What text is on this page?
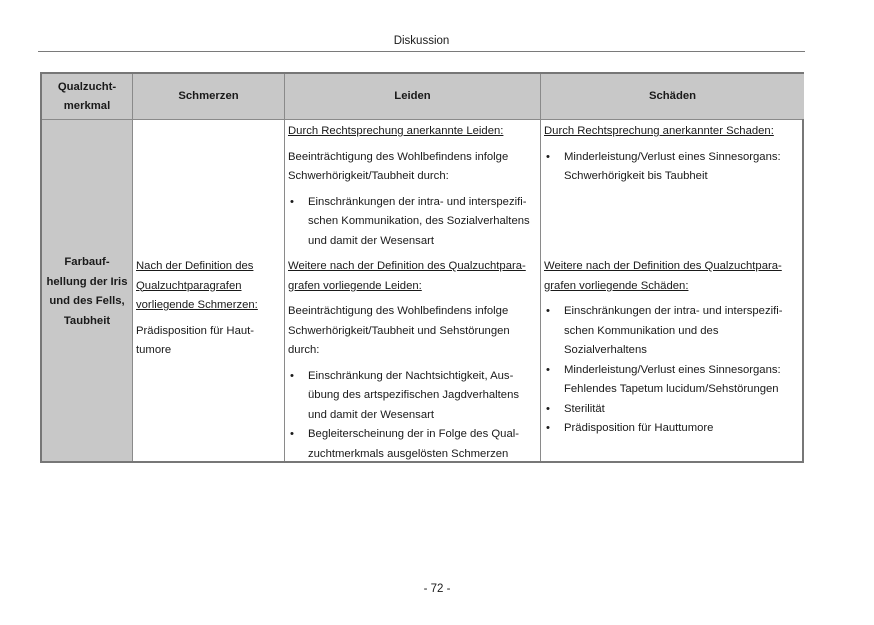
Diskussion
Qualzucht-
merkmal
Schmerzen	Leiden	Schäden
Farbauf-
hellung der Iris
und des Fells,
Taubheit
Nach der Definition des
Qualzuchtparagrafen
vorliegende Schmerzen:

Prädisposition für Haut-
tumore

Durch Rechtsprechung anerkannte Leiden:

Beeinträchtigung des Wohlbefindens infolge
Schwerhörigkeit/Taubheit durch:

• Einschränkungen der intra- und interspezifi-
schen Kommunikation, des Sozialverhaltens
und damit der Wesensart
Weitere nach der Definition des Qualzuchtpara-
grafen vorliegende Leiden:

Beeinträchtigung des Wohlbefindens infolge
Schwerhörigkeit/Taubheit und Sehstörungen
durch:

• Einschränkung der Nachtsichtigkeit, Aus-
übung des artspezifischen Jagdverhaltens
und damit der Wesensart
• Begleiterscheinung der in Folge des Qual-
zuchtmerkmals ausgelösten Schmerzen
Durch Rechtsprechung anerkannter Schaden:
• Minderleistung/Verlust eines Sinnesorgans:
Schwerhörigkeit bis Taubheit
Weitere nach der Definition des Qualzuchtpara-
grafen vorliegende Schäden:
• Einschränkungen der intra- und interspezifi-
schen Kommunikation und des
Sozialverhaltens
• Minderleistung/Verlust eines Sinnesorgans:
Fehlendes Tapetum lucidum/Sehstörungen
• Sterilität
• Prädisposition für Hauttumore
- 72 -
